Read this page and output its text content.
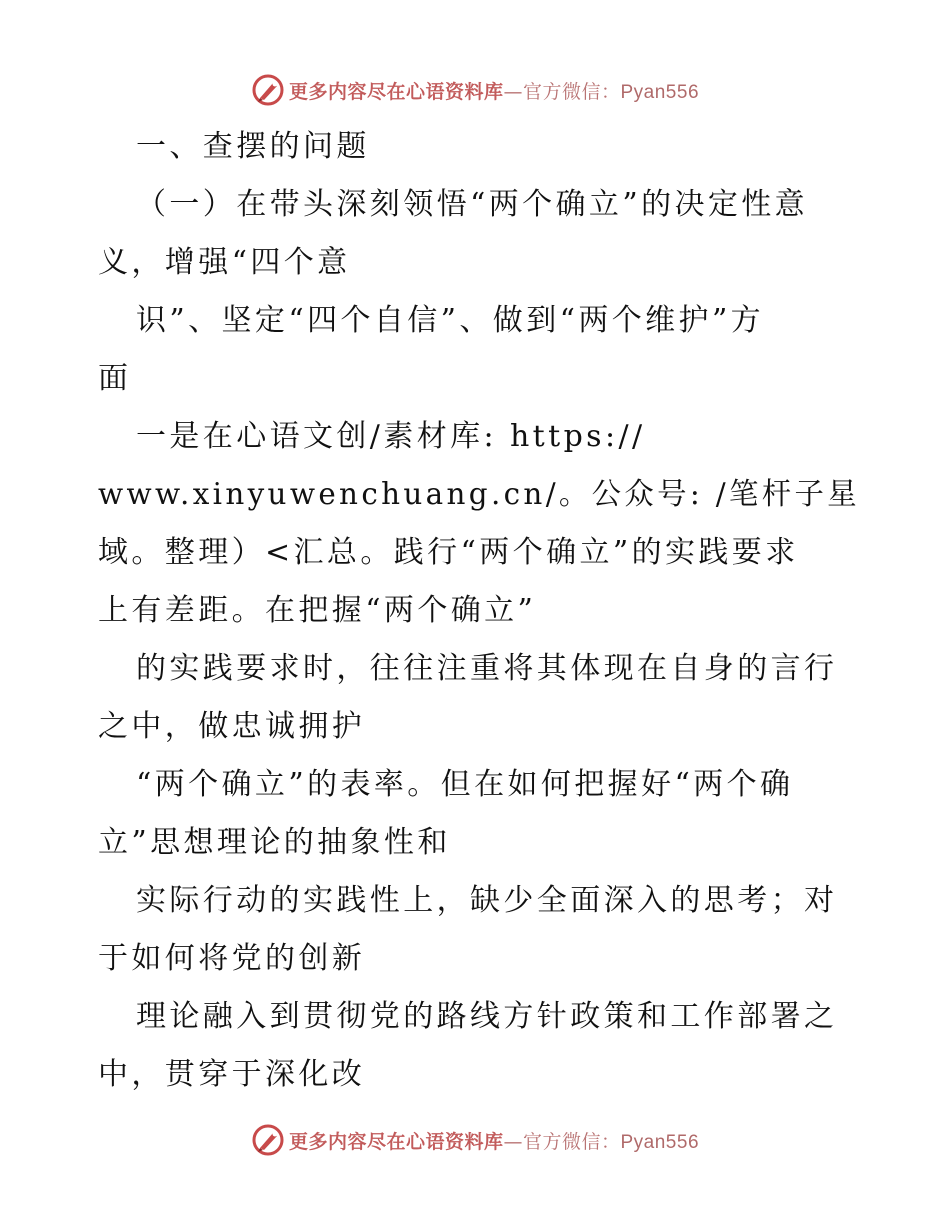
更多内容尽在心语资料库—官方微信：Pyan556
一、查摆的问题
（一）在带头深刻领悟“两个确立”的决定性意
义，增强“四个意
识”、坚定“四个自信”、做到“两个维护”方
面
一是在心语文创/素材库: https://
www.xinyuwenchuang.cn/。公众号: /笔杆子星
域。整理）<汇总。践行“两个确立”的实践要求
上有差距。在把握“两个确立”
的实践要求时，往往注重将其体现在自身的言行
之中，做忠诚拥护
“两个确立”的表率。但在如何把握好“两个确
立”思想理论的抽象性和
实际行动的实践性上，缺少全面深入的思考；对
于如何将党的创新
理论融入到贯彻党的路线方针政策和工作部署之
中，贯穿于深化改
更多内容尽在心语资料库—官方微信：Pyan556
